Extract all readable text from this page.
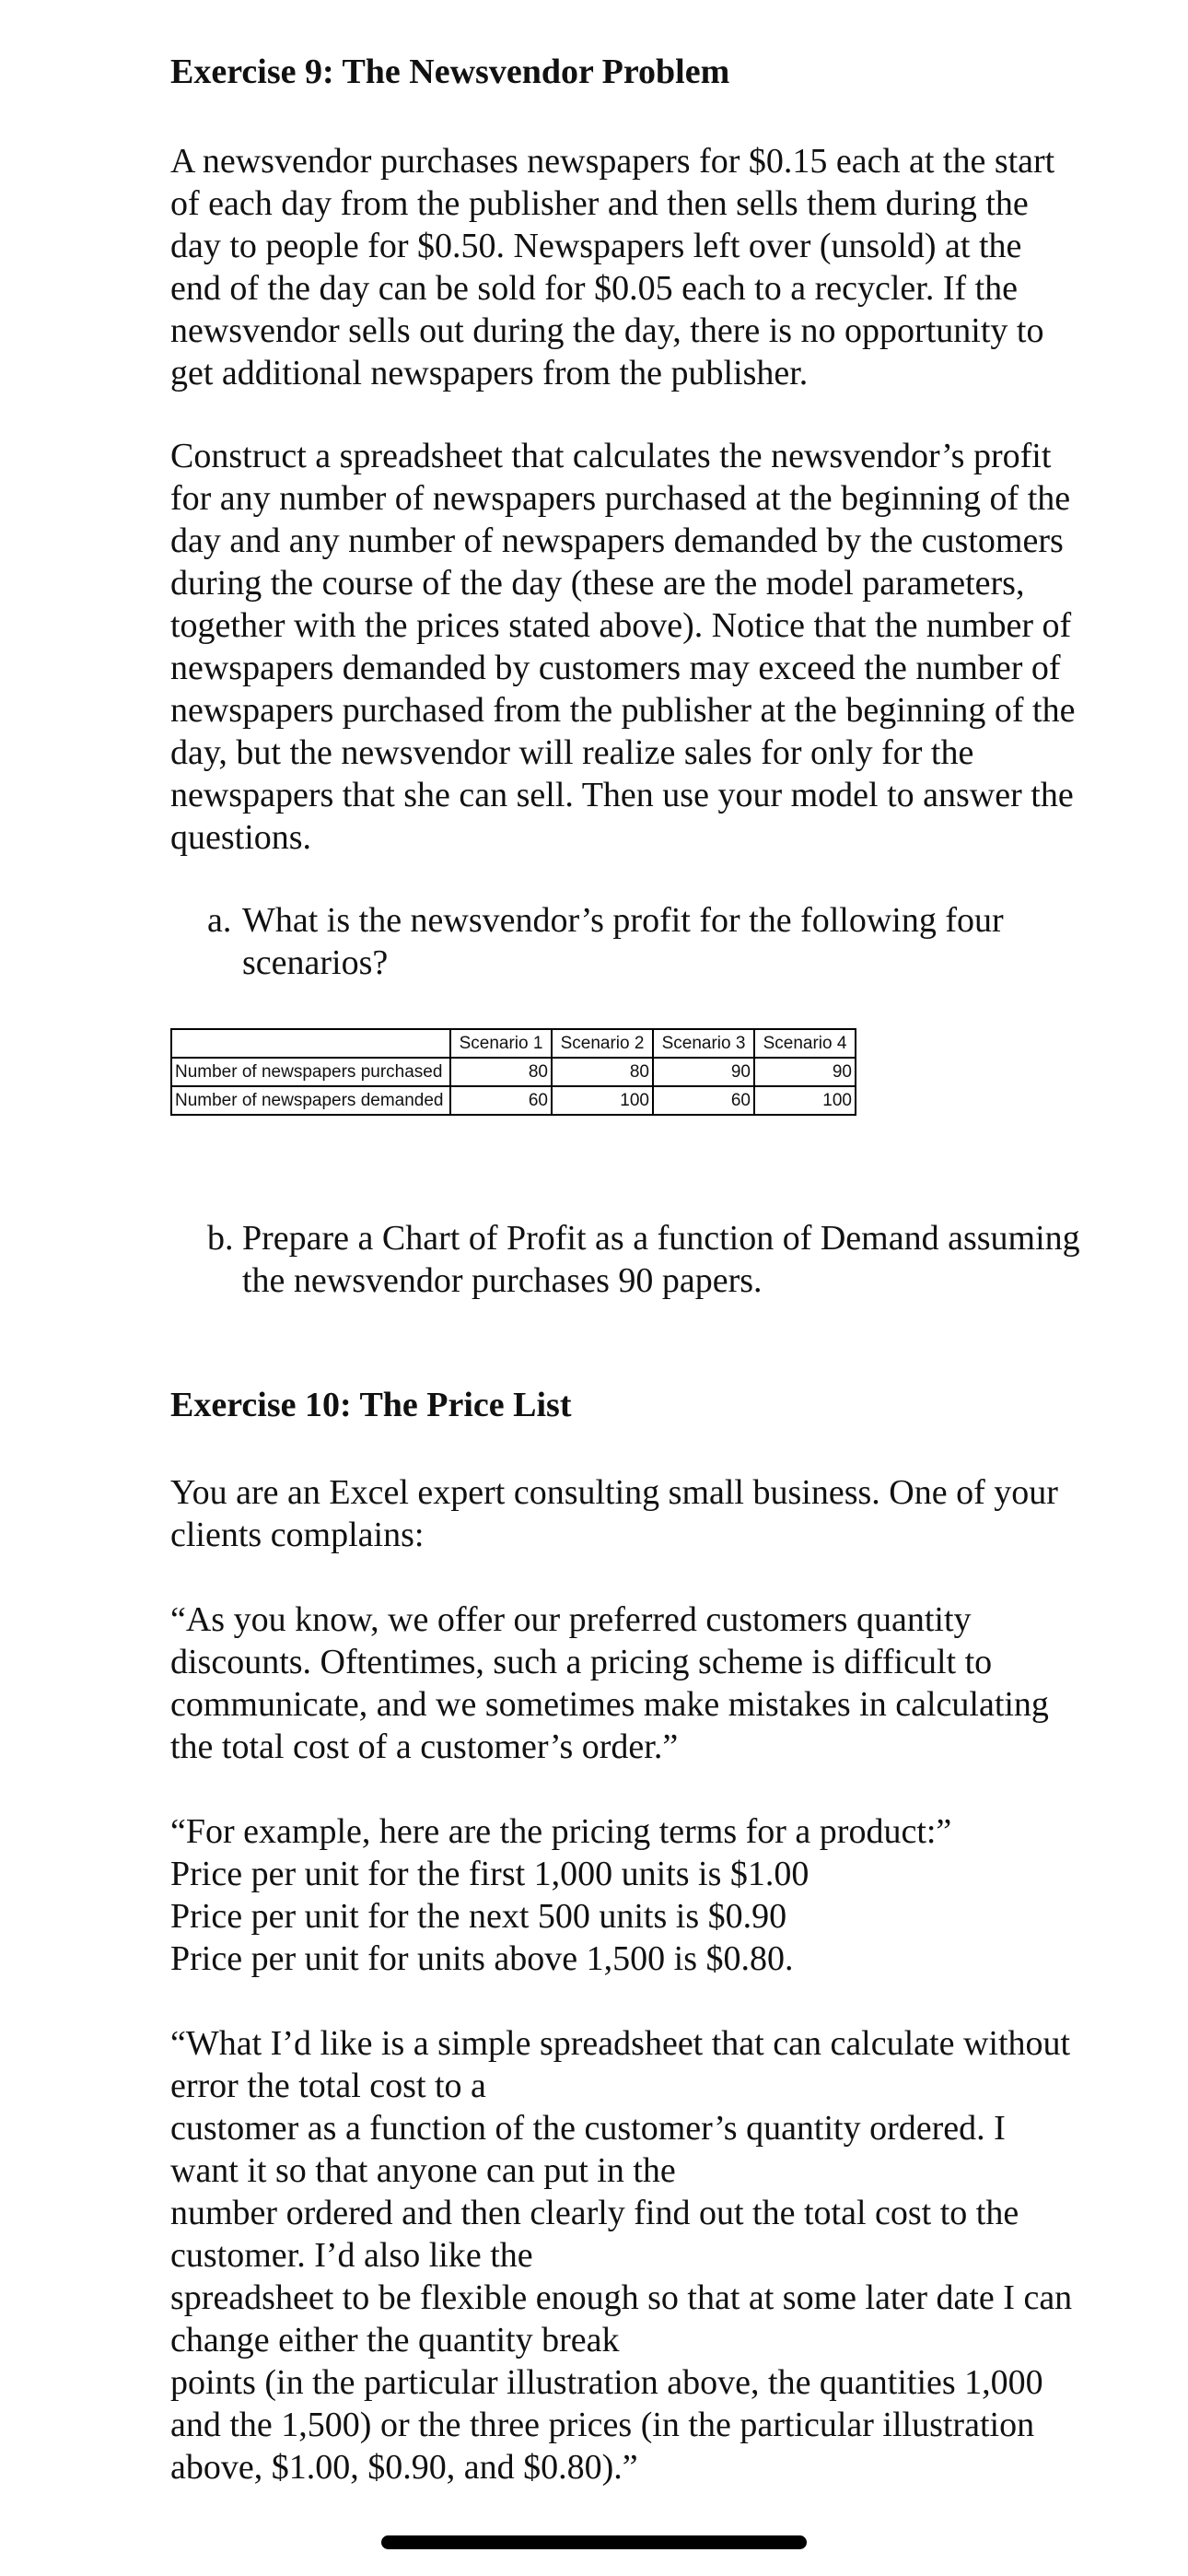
Exercise 9: The Newsvendor Problem

A newsvendor purchases newspapers for $0.15 each at the start
of each day from the publisher and then sells them during the
day to people for $0.50. Newspapers left over (unsold) at the
end of the day can be sold for $0.05 each to a recycler. If the
newsvendor sells out during the day, there is no opportunity to
get additional newspapers from the publisher.

Construct a spreadsheet that calculates the newsvendor’s profit
for any number of newspapers purchased at the beginning of the
day and any number of newspapers demanded by the customers
during the course of the day (these are the model parameters,
together with the prices stated above). Notice that the number of
newspapers demanded by customers may exceed the number of
newspapers purchased from the publisher at the beginning of the
day, but the newsvendor will realize sales for only for the
newspapers that she can sell. Then use your model to answer the
questions.

a. What is the newsvendor’s profit for the following four
scenarios?
	Scenario 1	Scenario 2	Scenario 3	Scenario 4
Number of newspapers purchased	80	80	90	90
Number of newspapers demanded	60	100	60	100
b. Prepare a Chart of Profit as a function of Demand assuming
the newsvendor purchases 90 papers.
Exercise 10: The Price List

You are an Excel expert consulting small business. One of your
clients complains:

“As you know, we offer our preferred customers quantity
discounts. Oftentimes, such a pricing scheme is difficult to
communicate, and we sometimes make mistakes in calculating
the total cost of a customer’s order.”

“For example, here are the pricing terms for a product:”
Price per unit for the first 1,000 units is $1.00
Price per unit for the next 500 units is $0.90
Price per unit for units above 1,500 is $0.80.

“What I’d like is a simple spreadsheet that can calculate without
error the total cost to a
customer as a function of the customer’s quantity ordered. I
want it so that anyone can put in the
number ordered and then clearly find out the total cost to the
customer. I’d also like the
spreadsheet to be flexible enough so that at some later date I can
change either the quantity break
points (in the particular illustration above, the quantities 1,000
and the 1,500) or the three prices (in the particular illustration
above, $1.00, $0.90, and $0.80).”
